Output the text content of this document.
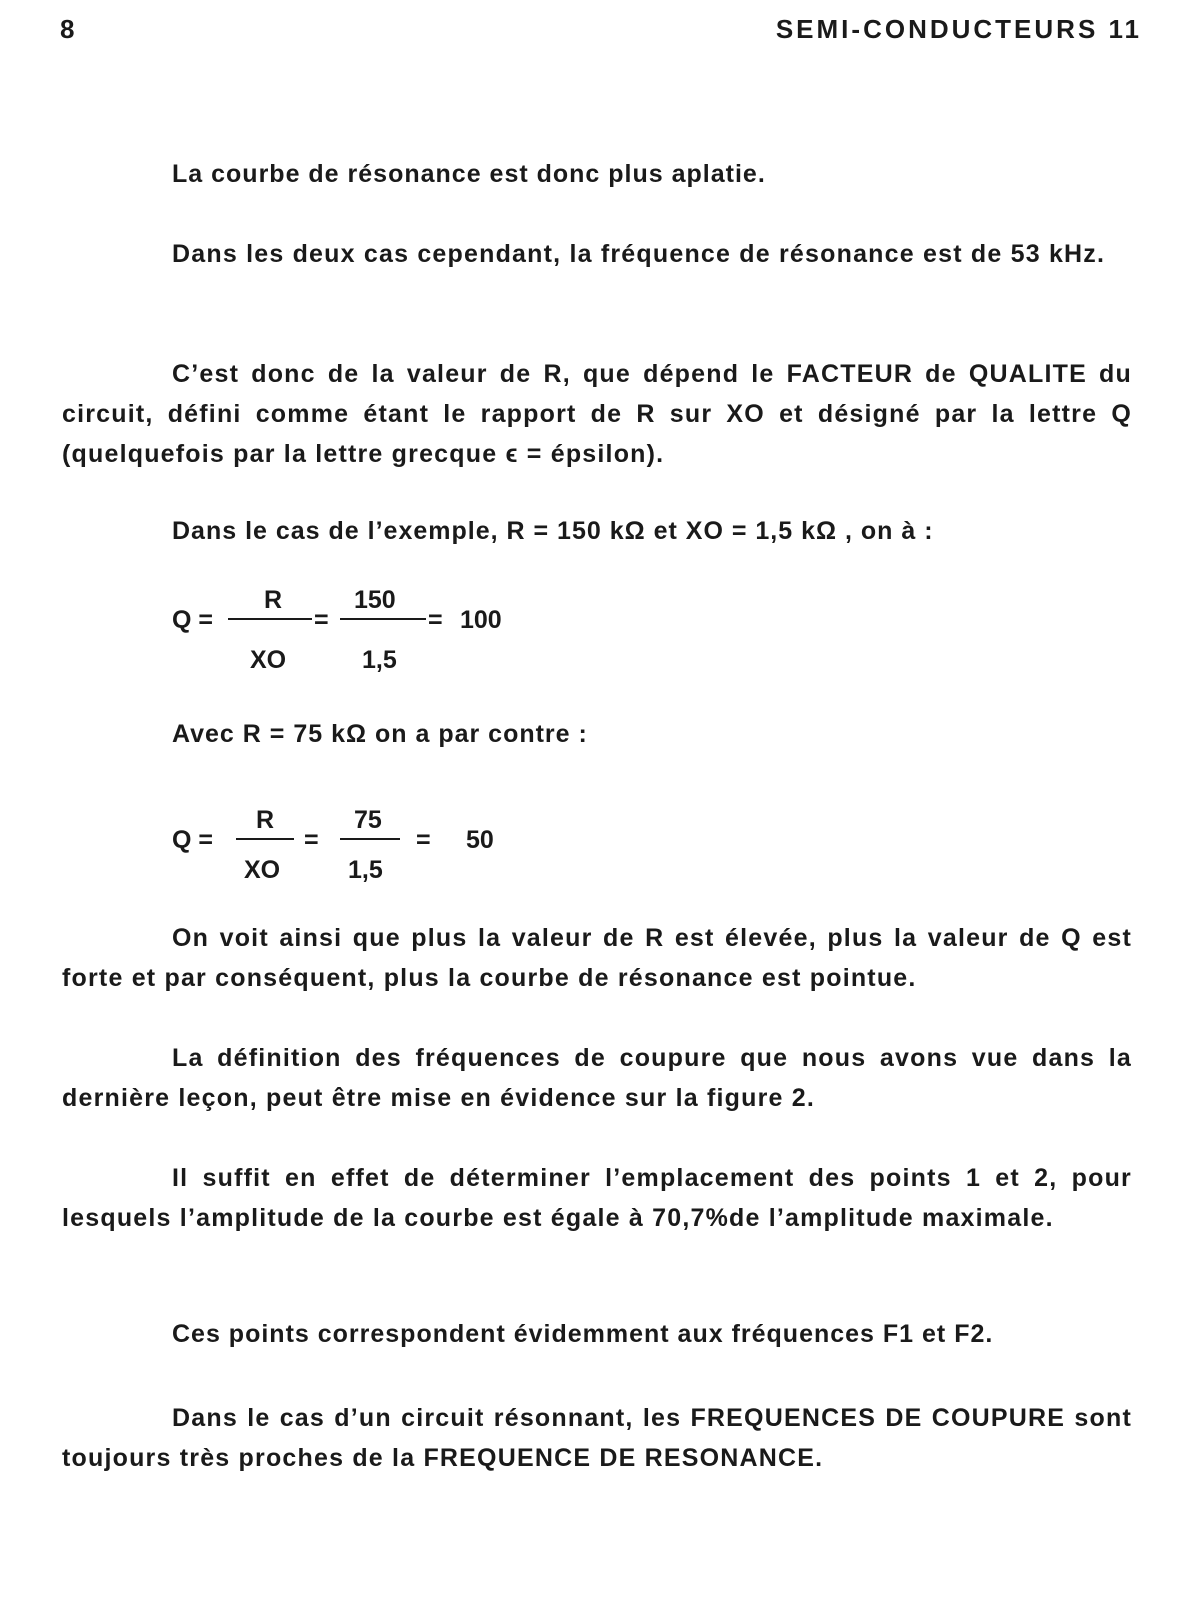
8	SEMI-CONDUCTEURS 11
La courbe de résonance est donc plus aplatie.
Dans les deux cas cependant, la fréquence de résonance est de 53 kHz.
C’est donc de la valeur de R, que dépend le FACTEUR de QUALITE du circuit, défini comme étant le rapport de R sur XO et désigné par la lettre Q (quelquefois par la lettre grecque ϵ = épsilon).
Dans le cas de l’exemple, R = 150 kΩ et XO = 1,5 kΩ , on à :
Q =
R
XO
=
150
1,5
= 100
Avec R = 75 kΩ on a par contre :
Q =
R
XO
=
75
1,5
= 50
On voit ainsi que plus la valeur de R est élevée, plus la valeur de Q est forte et par conséquent, plus la courbe de résonance est pointue.
La définition des fréquences de coupure que nous avons vue dans la dernière leçon, peut être mise en évidence sur la figure 2.
Il suffit en effet de déterminer l’emplacement des points 1 et 2, pour lesquels l’amplitude de la courbe est égale à 70,7%de l’amplitude maximale.
Ces points correspondent évidemment aux fréquences F1 et F2.
Dans le cas d’un circuit résonnant, les FREQUENCES DE COUPURE sont toujours très proches de la FREQUENCE DE RESONANCE.
